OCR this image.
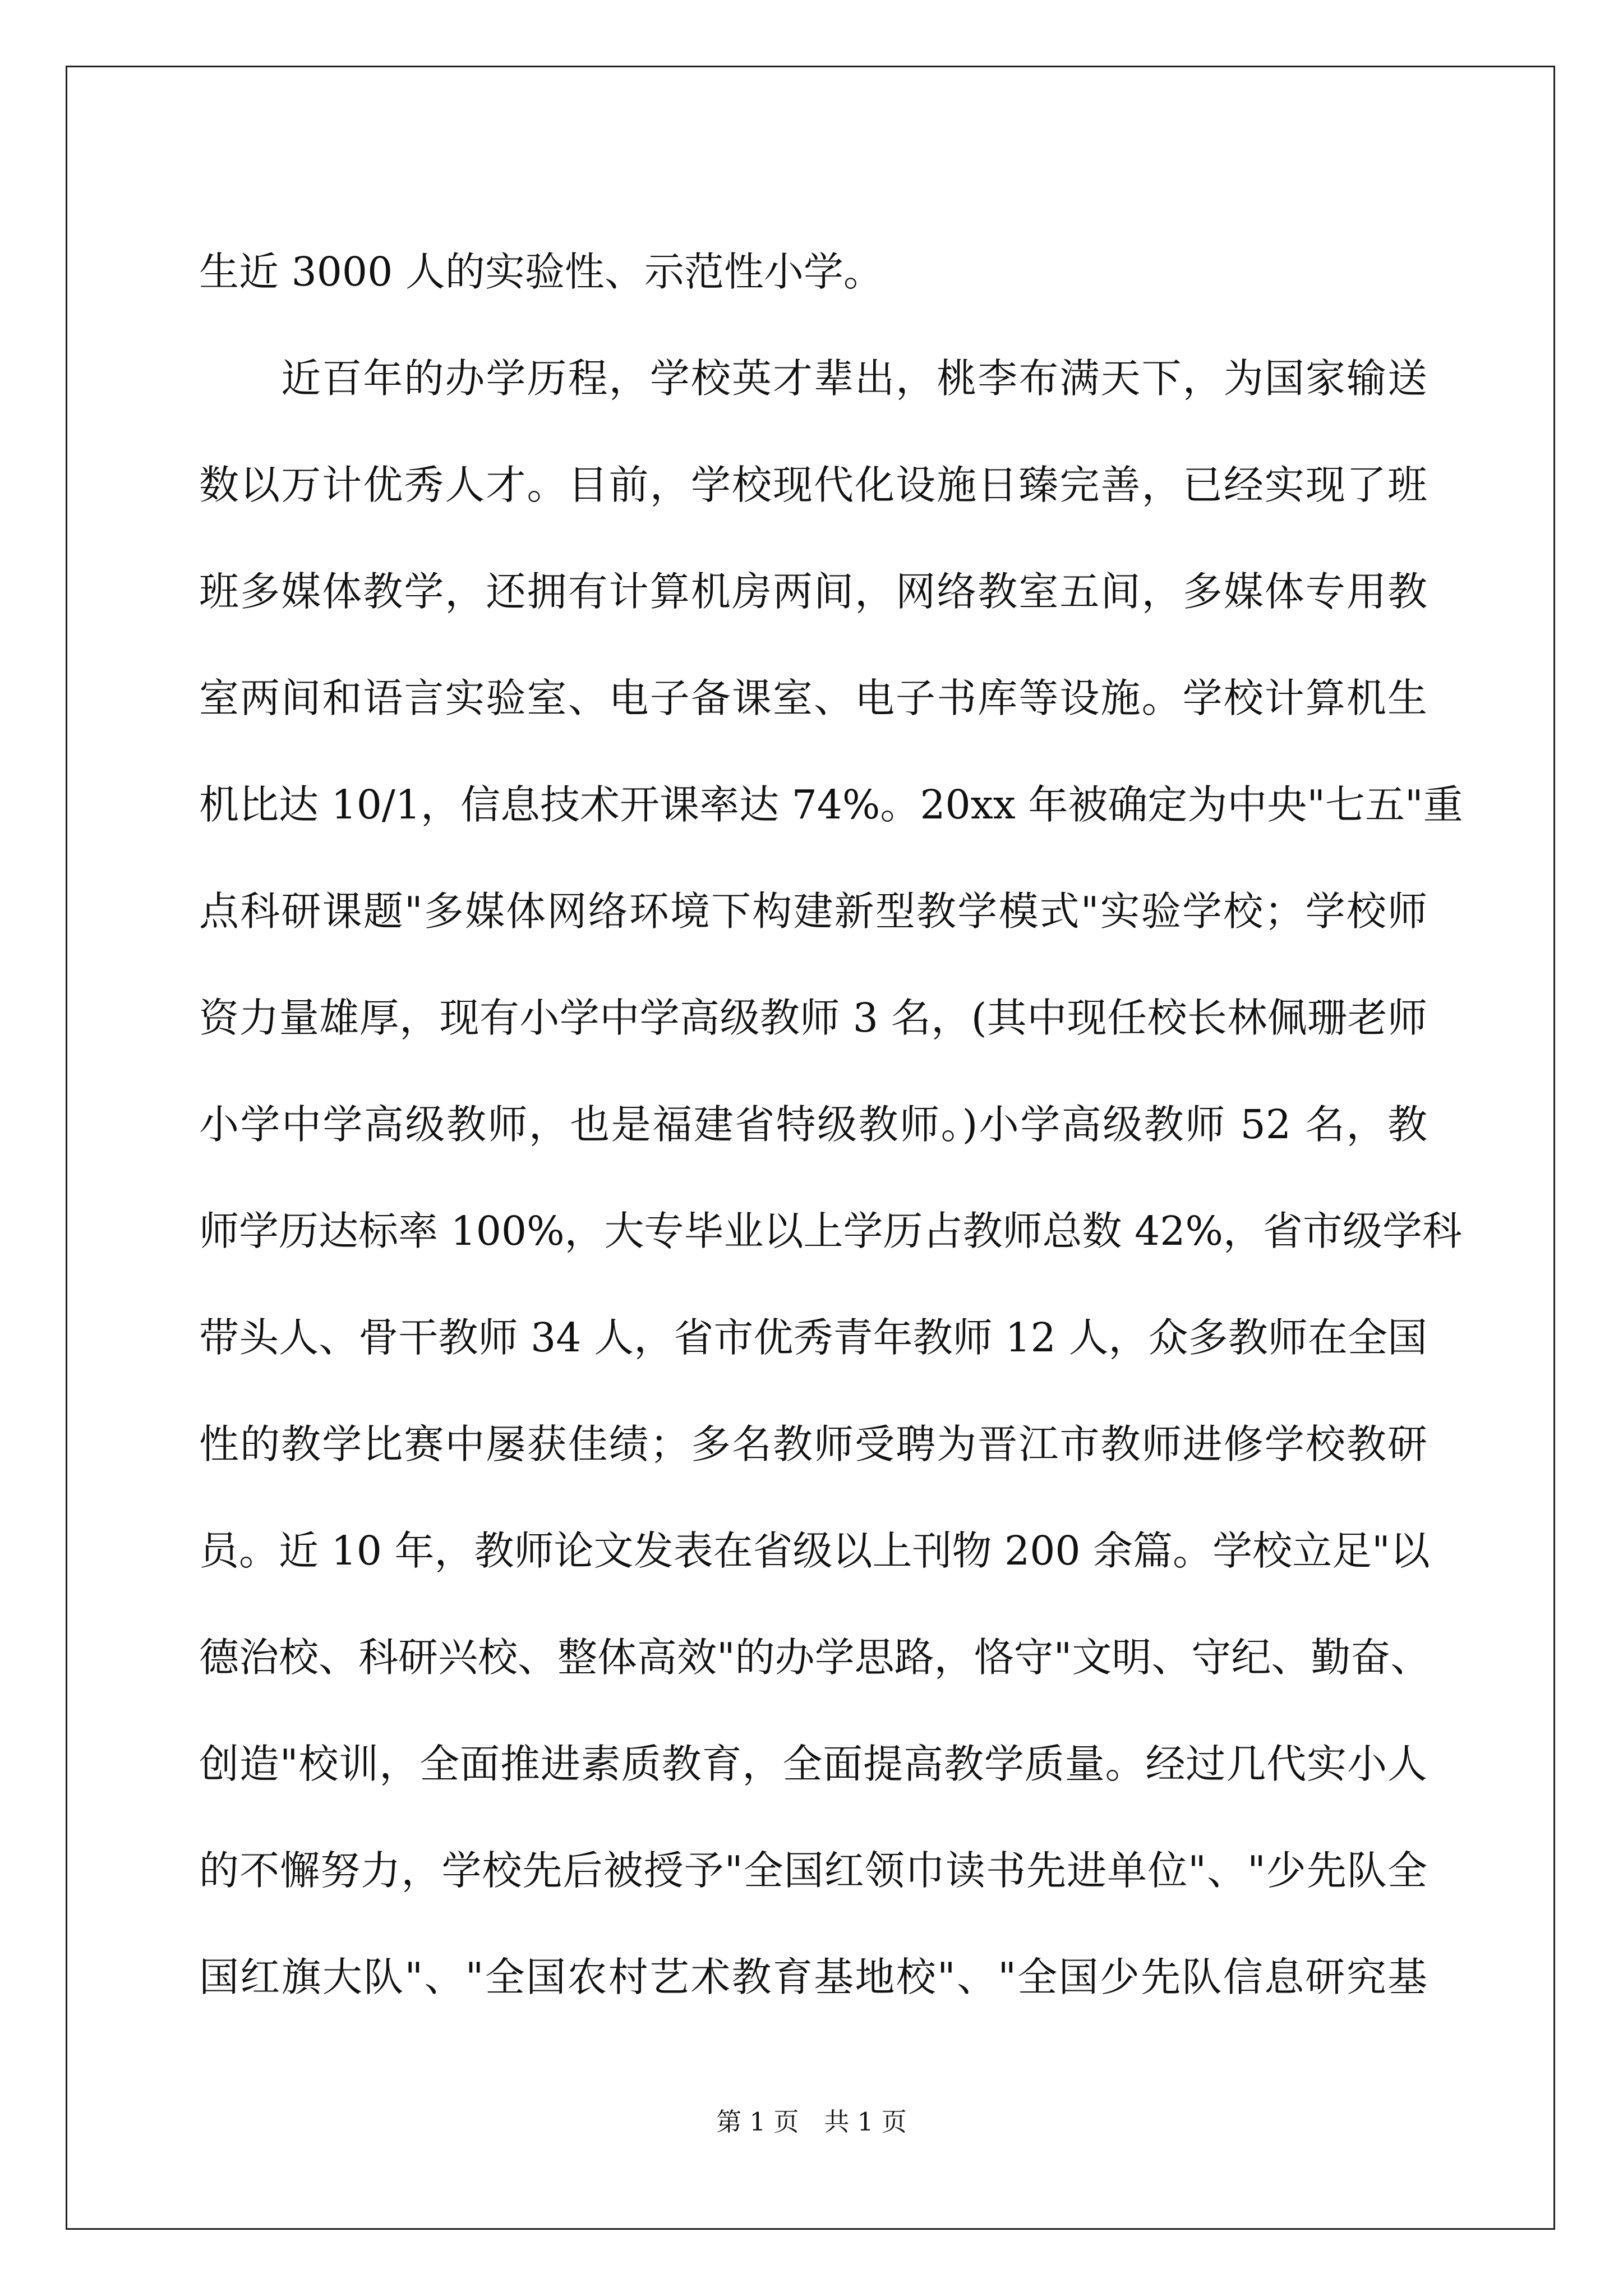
生近 3000 人的实验性、示范性小学。
　　近百年的办学历程，学校英才辈出，桃李布满天下，为国家输送
数以万计优秀人才。目前，学校现代化设施日臻完善，已经实现了班
班多媒体教学，还拥有计算机房两间，网络教室五间，多媒体专用教
室两间和语言实验室、电子备课室、电子书库等设施。学校计算机生
机比达 10/1，信息技术开课率达 74%。20xx 年被确定为中央"七五"重
点科研课题"多媒体网络环境下构建新型教学模式"实验学校；学校师
资力量雄厚，现有小学中学高级教师 3 名，(其中现任校长林佩珊老师
小学中学高级教师，也是福建省特级教师。)小学高级教师 52 名，教
师学历达标率 100%，大专毕业以上学历占教师总数 42%，省市级学科
带头人、骨干教师 34 人，省市优秀青年教师 12 人，众多教师在全国
性的教学比赛中屡获佳绩；多名教师受聘为晋江市教师进修学校教研
员。近 10 年，教师论文发表在省级以上刊物 200 余篇。学校立足"以
德治校、科研兴校、整体高效"的办学思路，恪守"文明、守纪、勤奋、
创造"校训，全面推进素质教育，全面提高教学质量。经过几代实小人
的不懈努力，学校先后被授予"全国红领巾读书先进单位"、"少先队全
国红旗大队"、"全国农村艺术教育基地校"、"全国少先队信息研究基
第 1 页　共 1 页
